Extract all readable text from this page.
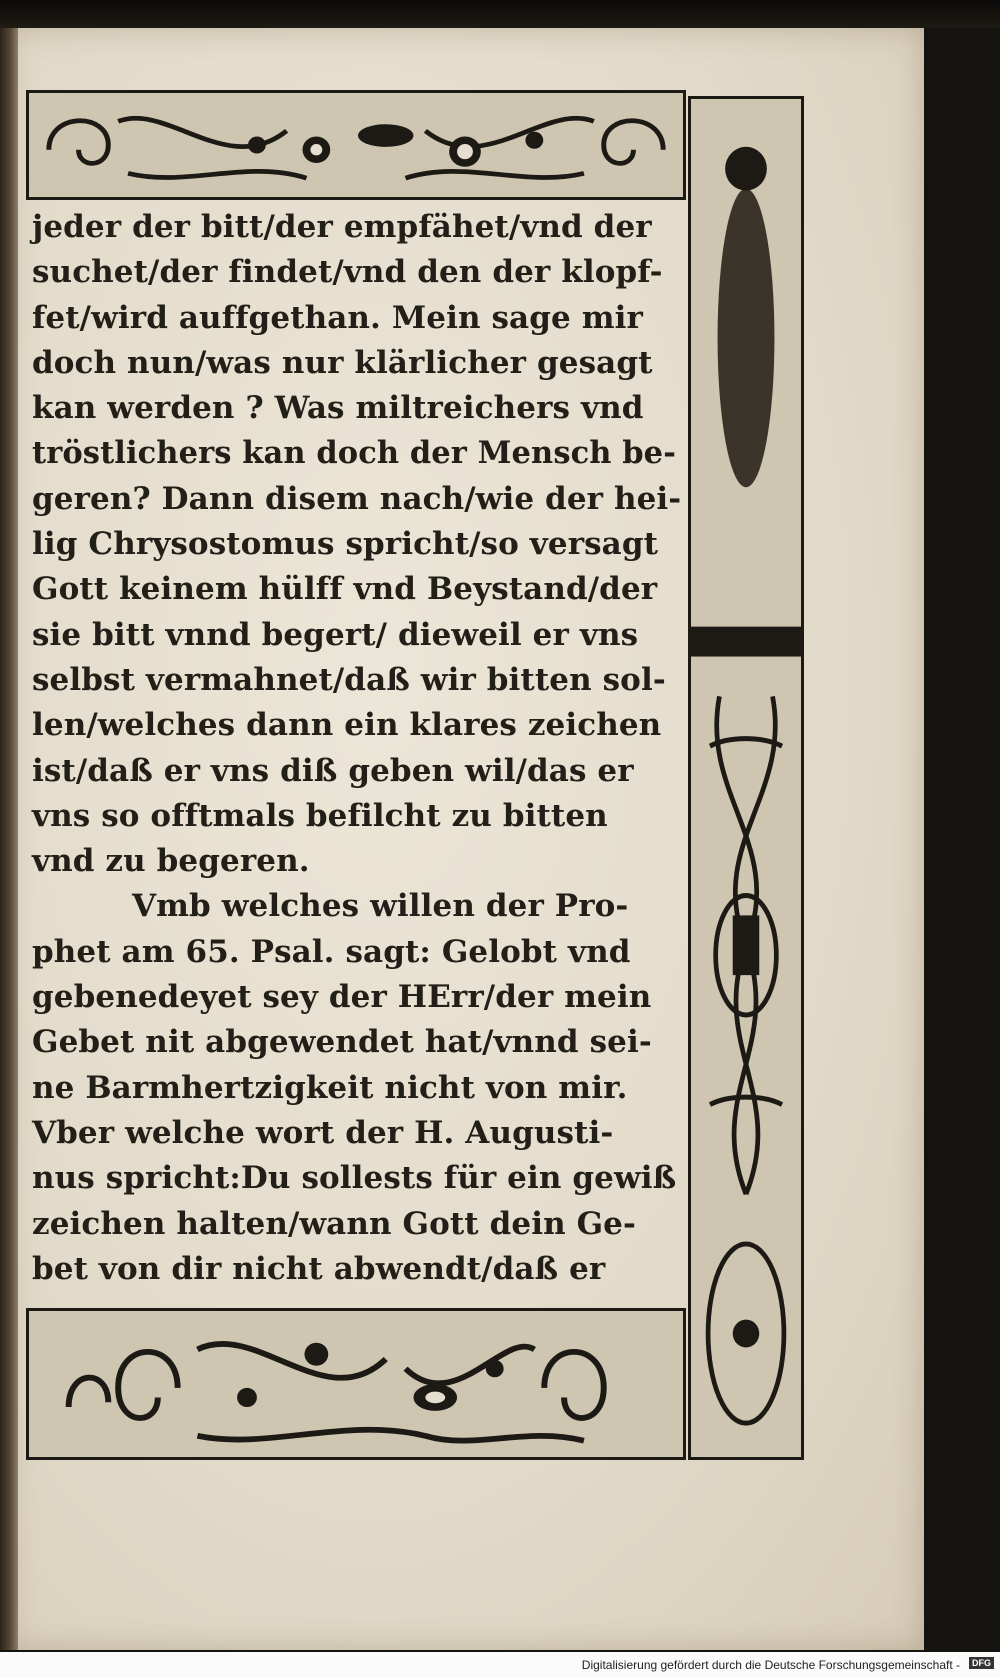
jeder der bitt/der empfähet/vnd der
suchet/der findet/vnd den der klopf-
fet/wird auffgethan. Mein sage mir
doch nun/was nur klärlicher gesagt
kan werden ? Was miltreichers vnd
tröstlichers kan doch der Mensch be-
geren? Dann disem nach/wie der hei-
lig Chrysostomus spricht/so versagt
Gott keinem hülff vnd Beystand/der
sie bitt vnnd begert/ dieweil er vns
selbst vermahnet/daß wir bitten sol-
len/welches dann ein klares zeichen
ist/daß er vns diß geben wil/das er
vns so offtmals befilcht zu bitten
vnd zu begeren.
Vmb welches willen der Pro-
phet am 65. Psal. sagt: Gelobt vnd
gebenedeyet sey der HErr/der mein
Gebet nit abgewendet hat/vnnd sei-
ne Barmhertzigkeit nicht von mir.
Vber welche wort der H. Augusti-
nus spricht:Du sollests für ein gewiß
zeichen halten/wann Gott dein Ge-
bet von dir nicht abwendt/daß er
Digitalisierung gefördert durch die Deutsche Forschungsgemeinschaft -	DFG
